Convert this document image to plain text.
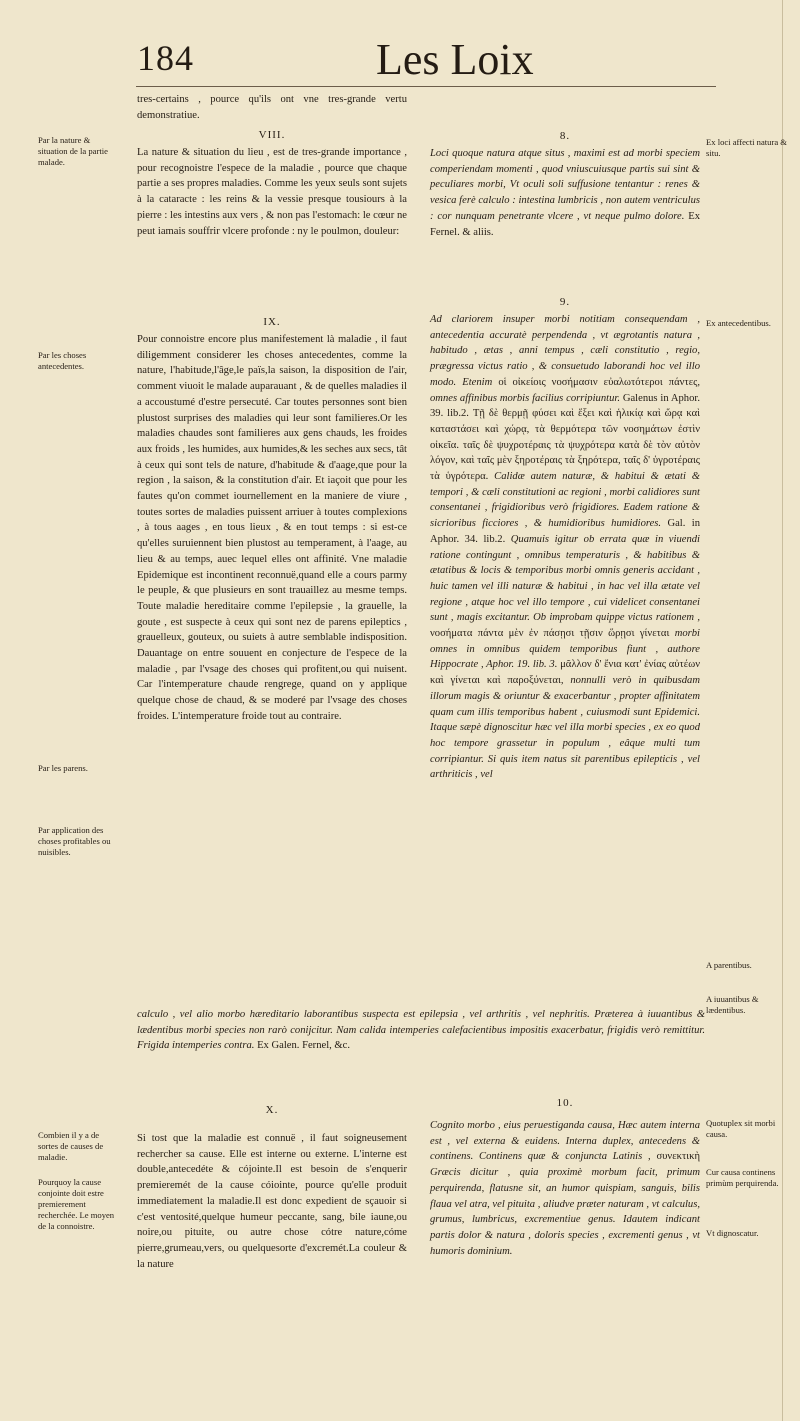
184	Les Loix
tres-certains , pource qu'ils ont vne tres-grande vertu demonstratiue.
VIII.
La nature & situation du lieu , est de tres-grande importance , pour recognoistre l'espece de la maladie , pource que chaque partie a ses propres maladies. Comme les yeux seuls sont sujets à la cataracte : les reins & la vessie presque tousiours à la pierre : les intestins aux vers , & non pas l'estomach: le cœur ne peut iamais souffrir vlcere profonde : ny le poulmon, douleur:
IX.
Pour connoistre encore plus manifestement là maladie , il faut diligemment considerer les choses antecedentes, comme la nature, l'habitude,l'âge,le païs,la saison, la disposition de l'air, comment viuoit le malade auparauant , & de quelles maladies il a accoustumé d'estre persecuté. Car toutes personnes sont bien plustost surprises des maladies qui leur sont familieres.Or les maladies chaudes sont familieres aux gens chauds, les froides aux froids , les humides, aux humides,& les seches aux secs, tât à ceux qui sont tels de nature, d'habitude & d'aage,que pour la region , la saison, & la constitution d'air. Et iaçoit que pour les fautes qu'on commet iournellement en la maniere de viure , toutes sortes de maladies puissent arriuer à toutes complexions , à tous aages , en tous lieux , & en tout temps : si est-ce qu'elles suruiennent bien plustost au temperament, à l'aage, au lieu & au temps, auec lequel elles ont affinité. Vne maladie Epidemique est incontinent reconnuë,quand elle a cours parmy le peuple, & que plusieurs en sont trauaillez au mesme temps. Toute maladie hereditaire comme l'epilepsie , la grauelle, la goute , est suspecte à ceux qui sont nez de parens epileptics , grauelleux, gouteux, ou suiets à autre semblable indisposition. Dauantage on entre souuent en conjecture de l'espece de la maladie , par l'vsage des choses qui profitent,ou qui nuisent. Car l'intemperature chaude rengrege, quand on y applique quelque chose de chaud, & se moderé par l'vsage des choses froides. L'intemperature froide tout au contraire.
8.
Loci quoque natura atque situs , maximi est ad morbi speciem comperiendam momenti , quod vniuscuiusque partis sui sint & peculiares morbi, Vt oculi soli suffusione tentantur : renes & vesica ferè calculo : intestina lumbricis , non autem ventriculus : cor nunquam penetrante vlcere , vt neque pulmo dolore. Ex Fernel. & aliis.
9.
Ad clariorem insuper morbi notitiam consequendam , antecedentia accuratè perpendenda , vt ægrotantis natura , habitudo , ætas , anni tempus , cæli constitutio , regio, prægressa victus ratio , & consuetudo laborandi hoc vel illo modo. Etenim οἱ οἰκείοις νοσήμασιν εὐαλωτότεροι πάντες, omnes affinibus morbis facilius corripiuntur. Galenus in Aphor. 39. lib.2. Τῇ δὲ θερμῇ φύσει καὶ ἕξει καὶ ἡλικίᾳ καὶ ὥρᾳ καὶ καταστάσει καὶ χώρᾳ, τὰ θερμότερα τῶν νοσημάτων ἐστὶν οἰκεῖα. ταῖς δὲ ψυχροτέραις τὰ ψυχρότερα κατὰ δὲ τὸν αὐτὸν λόγον, καὶ ταῖς μὲν ξηροτέραις τὰ ξηρότερα, ταῖς δ' ὑγροτέραις τὰ ὑγρότερα. Calidæ autem naturæ, & habitui & ætati & tempori , & cæli constitutioni ac regioni , morbi calidiores sunt consentanei , frigidioribus verò frigidiores. Eadem ratione & sicrioribus ficciores , & humidioribus humidiores. Gal. in Aphor. 34. lib.2. Quamuis igitur ob errata quæ in viuendi ratione contingunt , omnibus temperaturis , & habitibus & ætatibus & locis & temporibus morbi omnis generis accidant , huic tamen vel illi naturæ & habitui , in hac vel illa ætate vel regione , atque hoc vel illo tempore , cui videlicet consentanei sunt , magis excitantur. Ob improbam quippe victus rationem , νοσήματα πάντα μὲν ἐν πάσῃσι τῇσιν ὥρῃσι γίνεται morbi omnes in omnibus quidem temporibus fiunt , authore Hippocrate , Aphor. 19. lib. 3. μᾶλλον δ' ἔνια κατ' ἐνίας αὐτέων καὶ γίνεται καὶ παροξύνεται, nonnulli verò in quibusdam illorum magis & oriuntur & exacerbantur , propter affinitatem quam cum illis temporibus habent , cuiusmodi sunt Epidemici. Itaque sæpè dignoscitur hæc vel illa morbi species , ex eo quod hoc tempore grassetur in populum , eâque multi tum corripiantur. Si quis item natus sit parentibus epilepticis , vel arthriticis , vel
calculo , vel alio morbo hæreditario laborantibus suspecta est epilepsia , vel arthritis , vel nephritis. Præterea à iuuantibus & lædentibus morbi species non rarò conijcitur. Nam calida intemperies calefacientibus impositis exacerbatur, frigidis verò remittitur. Frigida intemperies contra. Ex Galen. Fernel, &c.
X.
Si tost que la maladie est connuë , il faut soigneusement rechercher sa cause. Elle est interne ou externe. L'interne est double,antecedéte & cójointe.Il est besoin de s'enquerir premieremét de la cause cóiointe, pource qu'elle produit immediatement la maladie.Il est donc expedient de sçauoir si c'est ventosité,quelque humeur peccante, sang, bile iaune,ou noire,ou pituite, ou autre chose cótre nature,cóme pierre,grumeau,vers, ou quelquesorte d'excremét.La couleur & la nature
10.
Cognito morbo , eius peruestiganda causa, Hæc autem interna est , vel externa & euidens. Interna duplex, antecedens & continens. Continens quæ & conjuncta Latinis , συνεκτικὴ Græcis dicitur , quia proximè morbum facit, primum perquirenda, flatusne sit, an humor quispiam, sanguis, bilis flaua vel atra, vel pituita , aliudve præter naturam , vt calculus, grumus, lumbricus, excrementiue genus. Idautem indicant partis dolor & natura , doloris species , excrementi genus , vt humoris dominium.
Par la nature & situation de la partie malade.
Par les choses antecedentes.
Par les parens.
Par application des choses profitables ou nuisibles.
Combien il y a de sortes de causes de maladie.
Pourquoy la cause conjointe doit estre premierement recherchée. Le moyen de la connoistre.
Ex loci affecti natura & situ.
Ex antecedentibus.
A parentibus.
A iuuantibus & lædentibus.
Quotuplex sit morbi causa.
Cur causa continens primùm perquirenda.
Vt dignoscatur.
